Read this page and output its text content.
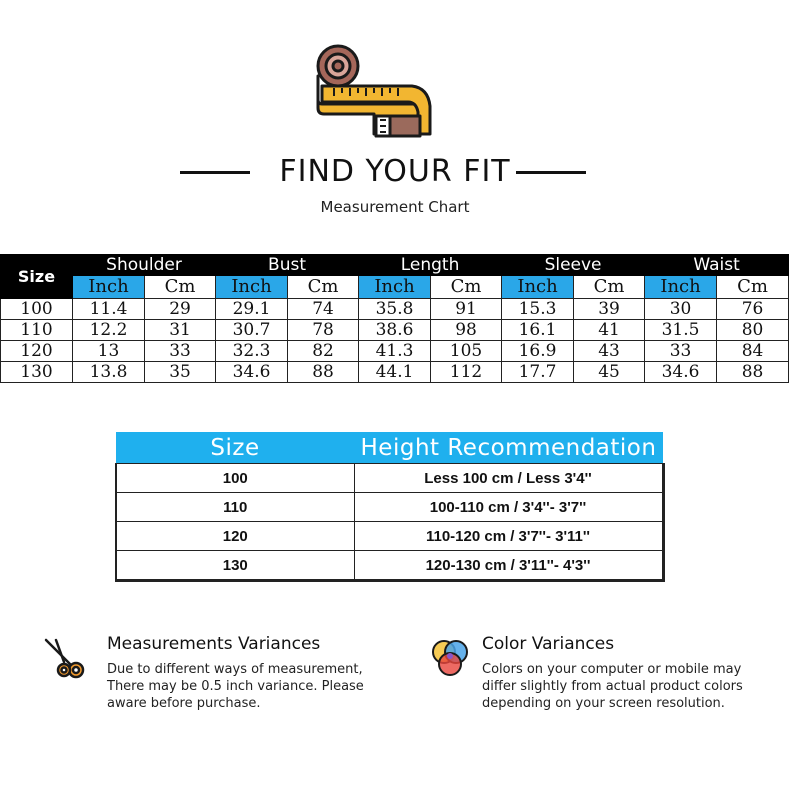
FIND YOUR FIT
Measurement Chart
Size	Shoulder		Bust		Length		Sleeve		Waist	
	Inch	Cm	Inch	Cm	Inch	Cm	Inch	Cm	Inch	Cm
100	11.4	29	29.1	74	35.8	91	15.3	39	30	76
110	12.2	31	30.7	78	38.6	98	16.1	41	31.5	80
120	13	33	32.3	82	41.3	105	16.9	43	33	84
130	13.8	35	34.6	88	44.1	112	17.7	45	34.6	88
Size	Height Recommendation
100	Less 100 cm / Less 3'4''
110	100-110 cm / 3'4''- 3'7''
120	110-120 cm / 3'7''- 3'11''
130	120-130 cm / 3'11''- 4'3''
Measurements Variances
Due to different ways of measurement,
There may be 0.5 inch variance. Please
aware before purchase.
Color Variances
Colors on your computer or mobile may
differ slightly from actual product colors
depending on your screen resolution.
